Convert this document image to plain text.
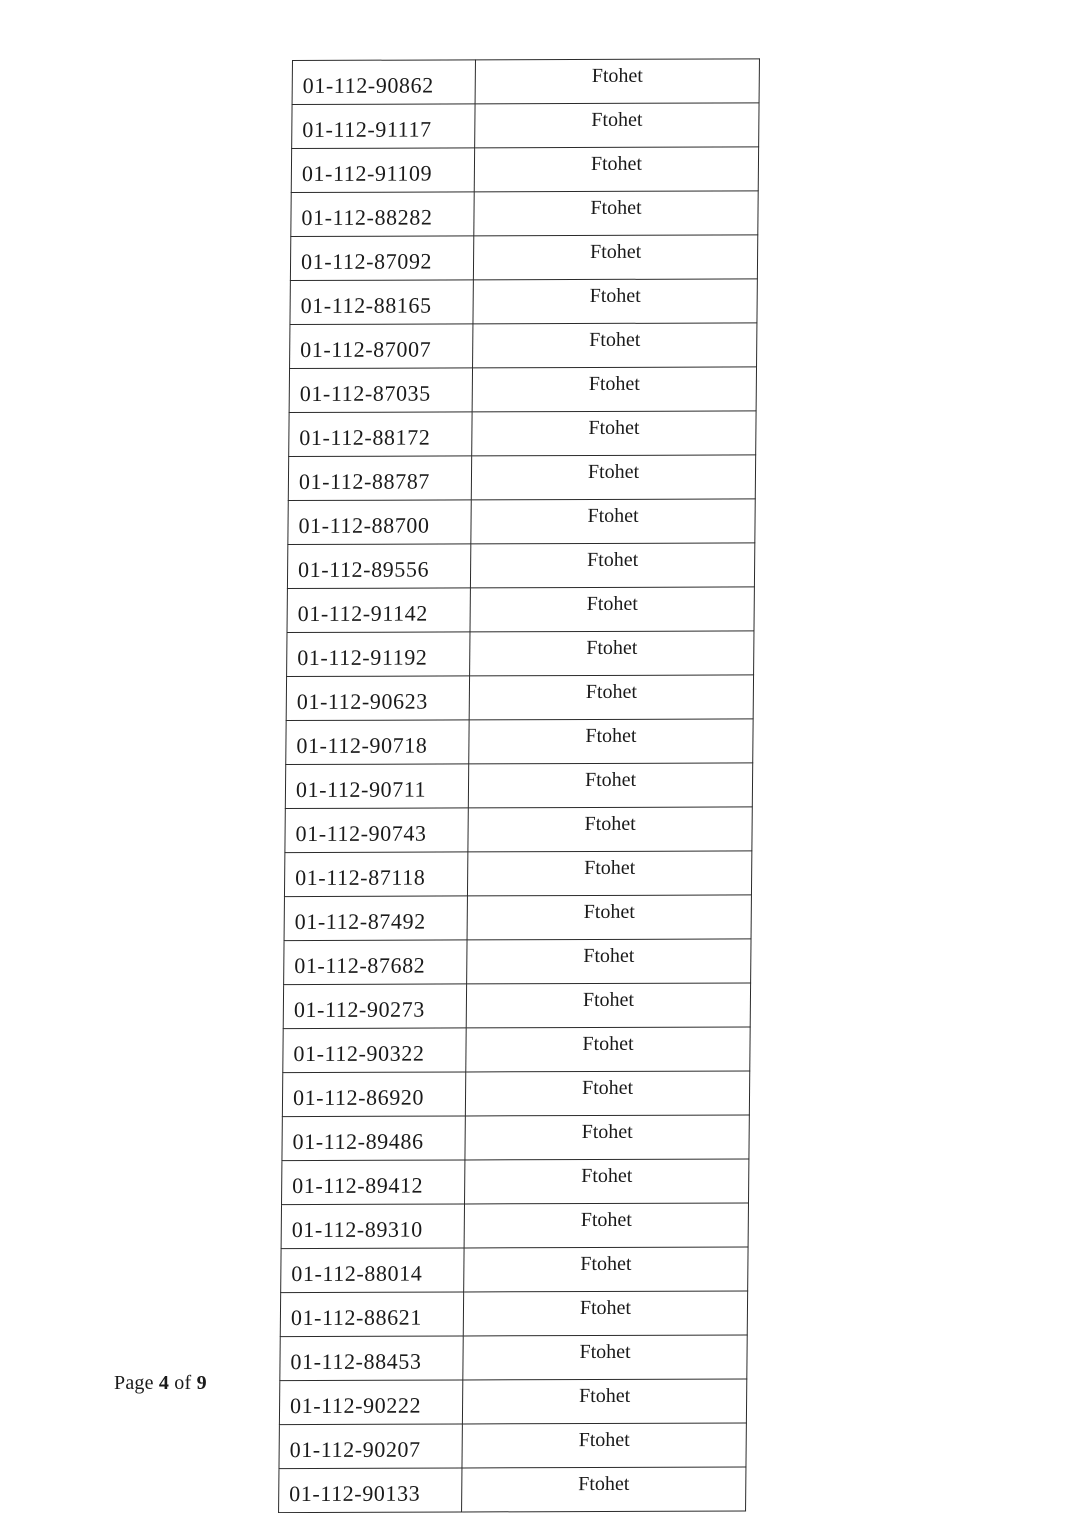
01-112-90862	Ftohet
01-112-91117	Ftohet
01-112-91109	Ftohet
01-112-88282	Ftohet
01-112-87092	Ftohet
01-112-88165	Ftohet
01-112-87007	Ftohet
01-112-87035	Ftohet
01-112-88172	Ftohet
01-112-88787	Ftohet
01-112-88700	Ftohet
01-112-89556	Ftohet
01-112-91142	Ftohet
01-112-91192	Ftohet
01-112-90623	Ftohet
01-112-90718	Ftohet
01-112-90711	Ftohet
01-112-90743	Ftohet
01-112-87118	Ftohet
01-112-87492	Ftohet
01-112-87682	Ftohet
01-112-90273	Ftohet
01-112-90322	Ftohet
01-112-86920	Ftohet
01-112-89486	Ftohet
01-112-89412	Ftohet
01-112-89310	Ftohet
01-112-88014	Ftohet
01-112-88621	Ftohet
01-112-88453	Ftohet
01-112-90222	Ftohet
01-112-90207	Ftohet
01-112-90133	Ftohet
Page 4 of 9
